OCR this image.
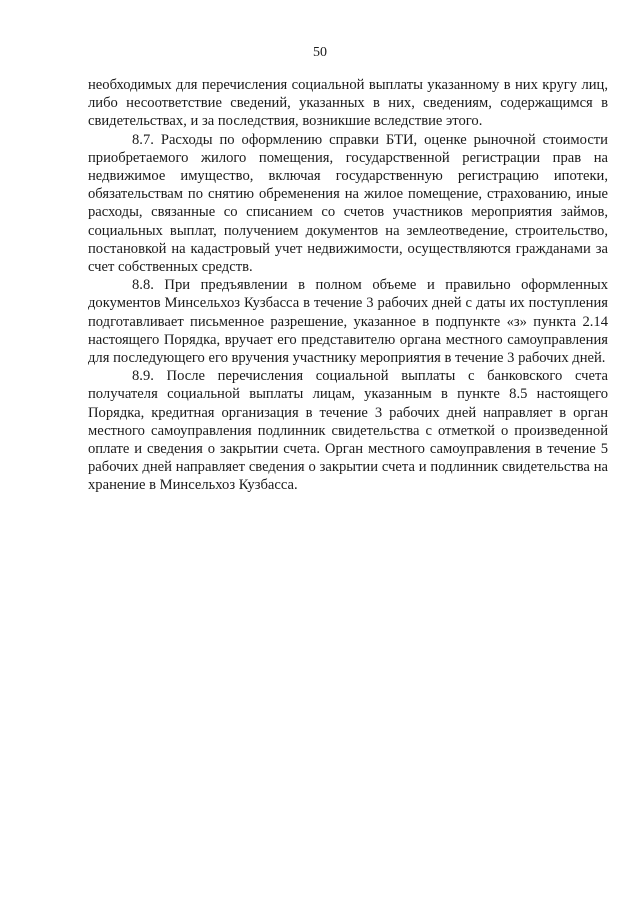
50

необходимых для перечисления социальной выплаты указанному в них кругу лиц, либо несоответствие сведений, указанных в них, сведениям, содержащимся в свидетельствах, и за последствия, возникшие вследствие этого.

8.7. Расходы по оформлению справки БТИ, оценке рыночной стоимости приобретаемого жилого помещения, государственной регистрации прав на недвижимое имущество, включая государственную регистрацию ипотеки, обязательствам по снятию обременения на жилое помещение, страхованию, иные расходы, связанные со списанием со счетов участников мероприятия займов, социальных выплат, получением документов на землеотведение, строительство, постановкой на кадастровый учет недвижимости, осуществляются гражданами за счет собственных средств.

8.8. При предъявлении в полном объеме и правильно оформленных документов Минсельхоз Кузбасса в течение 3 рабочих дней с даты их поступления подготавливает письменное разрешение, указанное в подпункте «з» пункта 2.14 настоящего Порядка, вручает его представителю органа местного самоуправления для последующего его вручения участнику мероприятия в течение 3 рабочих дней.

8.9. После перечисления социальной выплаты с банковского счета получателя социальной выплаты лицам, указанным в пункте 8.5 настоящего Порядка, кредитная организация в течение 3 рабочих дней направляет в орган местного самоуправления подлинник свидетельства с отметкой о произведенной оплате и сведения о закрытии счета. Орган местного самоуправления в течение 5 рабочих дней направляет сведения о закрытии счета и подлинник свидетельства на хранение в Минсельхоз Кузбасса.
